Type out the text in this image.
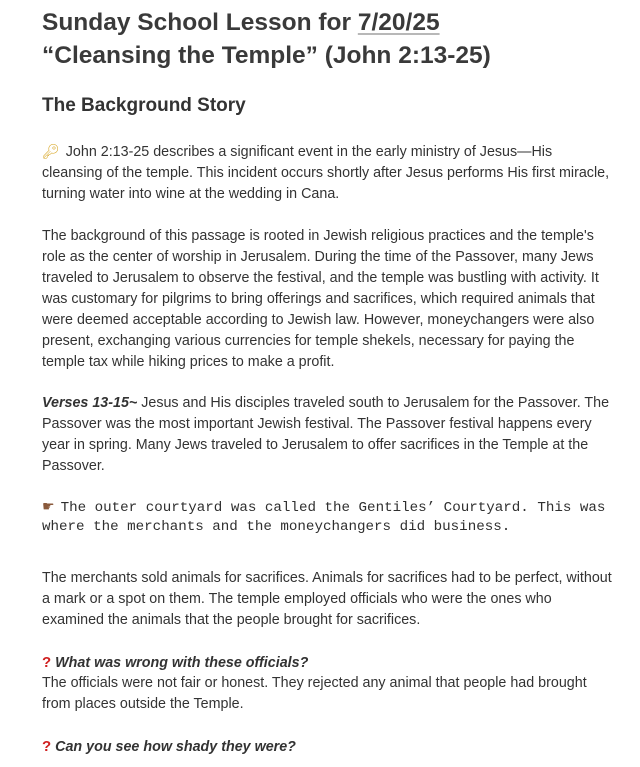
Sunday School Lesson for 7/20/25
“Cleansing the Temple” (John 2:13-25)
The Background Story
🔑︎ John 2:13-25 describes a significant event in the early ministry of Jesus—His cleansing of the temple. This incident occurs shortly after Jesus performs His first miracle, turning water into wine at the wedding in Cana.
The background of this passage is rooted in Jewish religious practices and the temple's role as the center of worship in Jerusalem. During the time of the Passover, many Jews traveled to Jerusalem to observe the festival, and the temple was bustling with activity. It was customary for pilgrims to bring offerings and sacrifices, which required animals that were deemed acceptable according to Jewish law. However, moneychangers were also present, exchanging various currencies for temple shekels, necessary for paying the temple tax while hiking prices to make a profit.
Verses 13-15~ Jesus and His disciples traveled south to Jerusalem for the Passover. The Passover was the most important Jewish festival. The Passover festival happens every year in spring. Many Jews traveled to Jerusalem to offer sacrifices in the Temple at the Passover.
☛ The outer courtyard was called the Gentiles’ Courtyard. This was where the merchants and the moneychangers did business.
The merchants sold animals for sacrifices. Animals for sacrifices had to be perfect, without a mark or a spot on them. The temple employed officials who were the ones who examined the animals that the people brought for sacrifices.
? What was wrong with these officials?
The officials were not fair or honest. They rejected any animal that people had brought from places outside the Temple.
? Can you see how shady they were?
